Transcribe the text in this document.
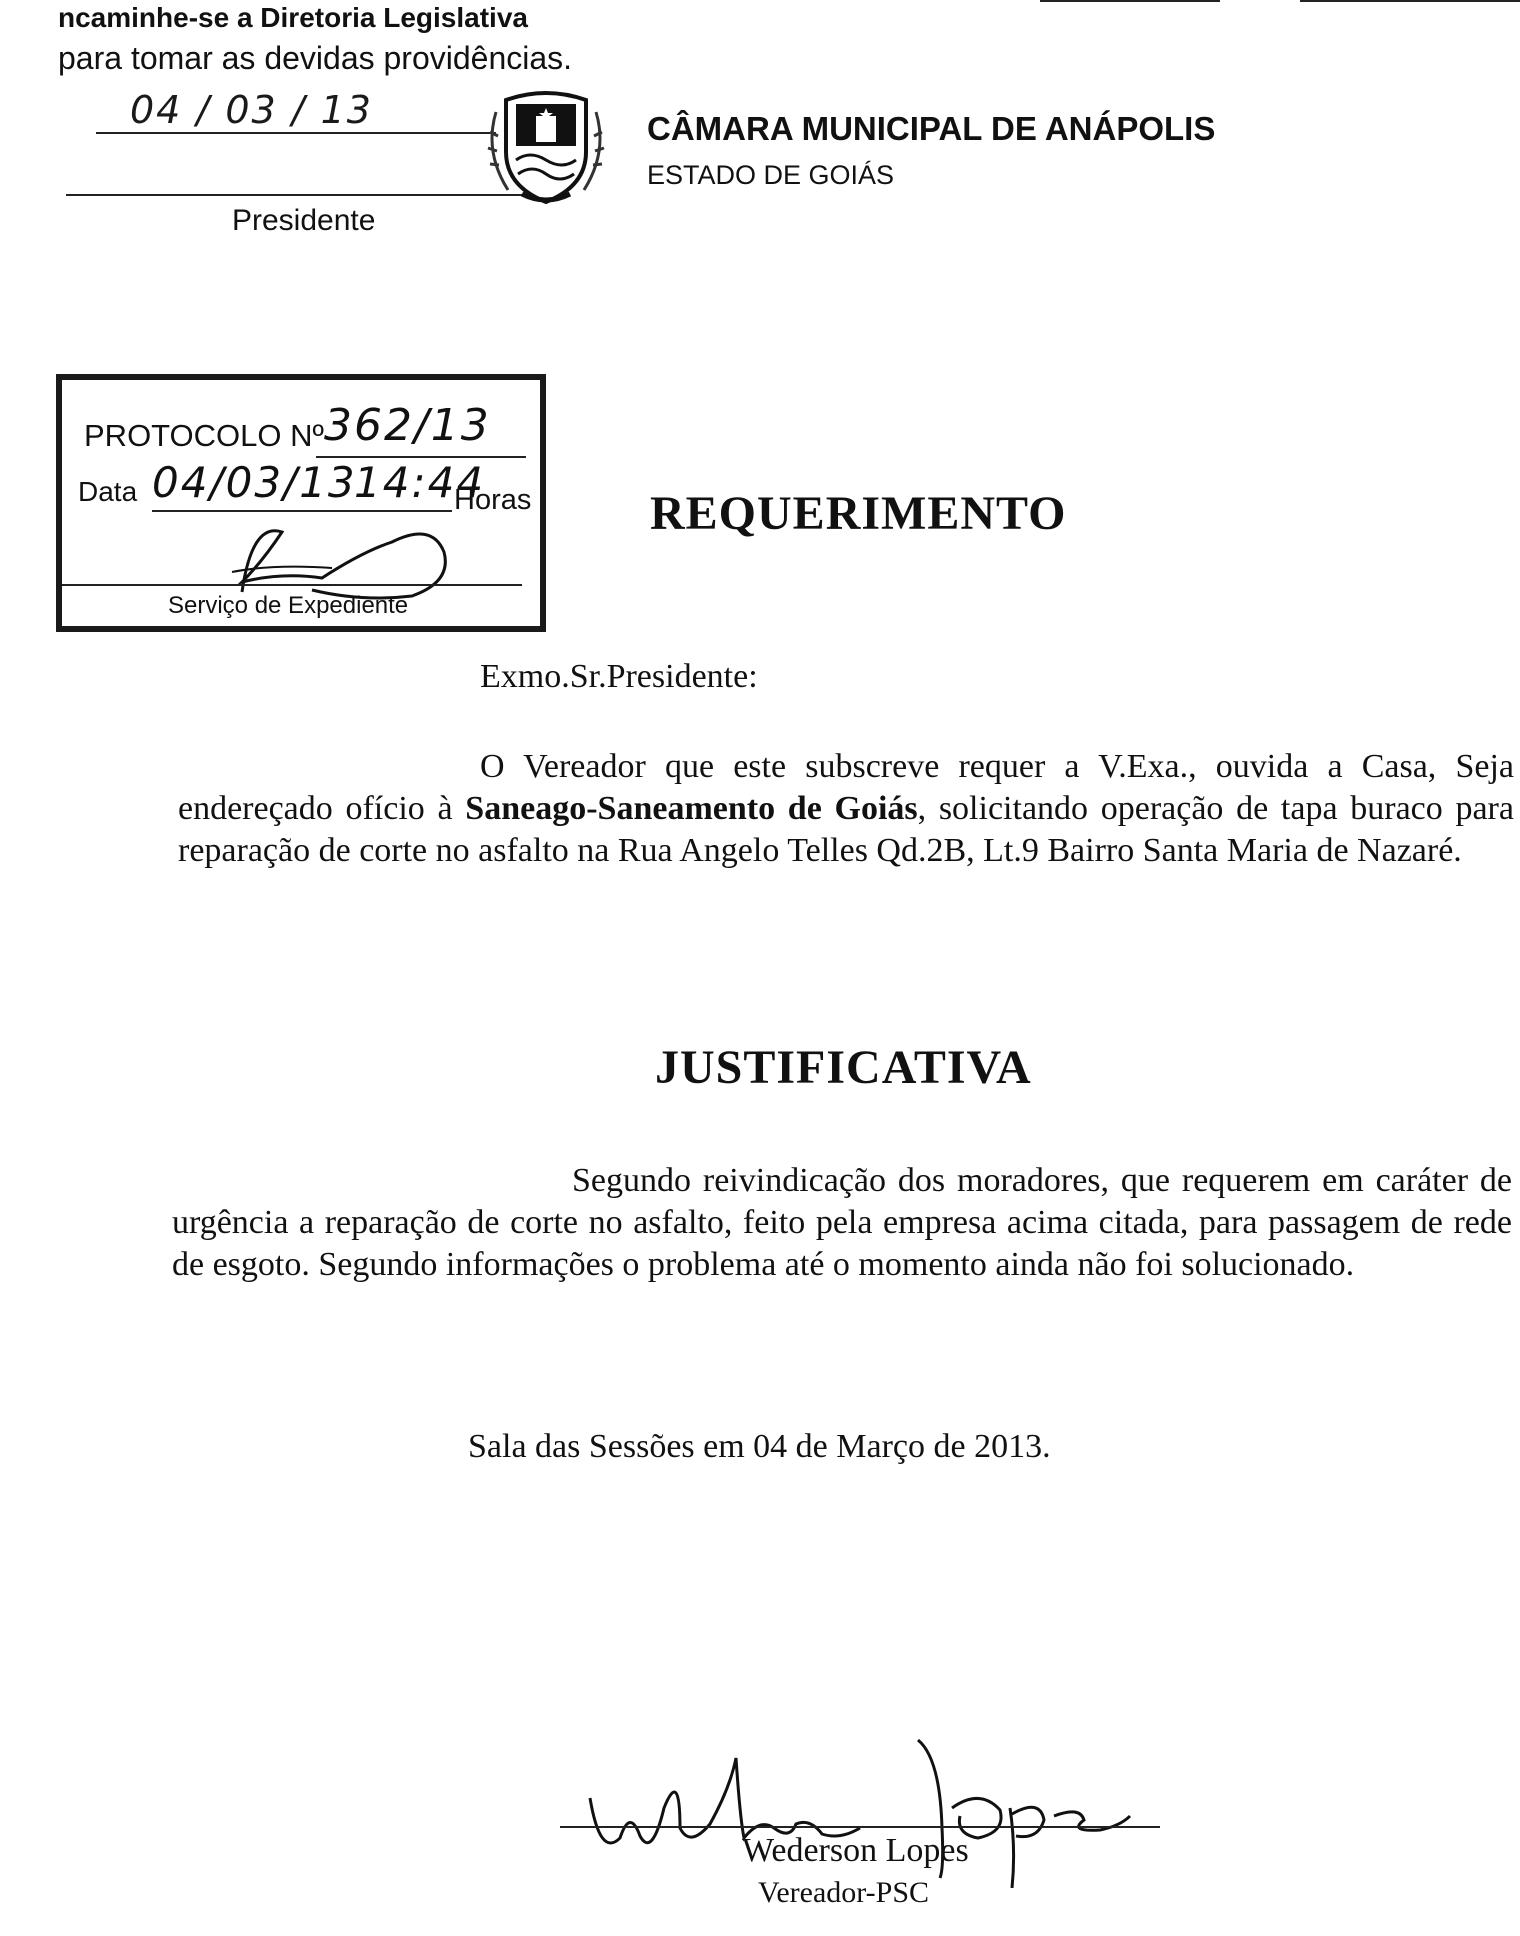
ncaminhe-se a Diretoria Legislativa
para tomar as devidas providências.
04 / 03 / 13
Presidente
CÂMARA MUNICIPAL DE ANÁPOLIS
ESTADO DE GOIÁS
PROTOCOLO Nº 362/13
Data 04/03/13
14:44
Horas
Serviço de Expediente
REQUERIMENTO
Exmo.Sr.Presidente:
O Vereador que este subscreve requer a V.Exa., ouvida a Casa, Seja endereçado ofício à Saneago-Saneamento de Goiás, solicitando operação de tapa buraco para reparação de corte no asfalto na Rua Angelo Telles Qd.2B, Lt.9 Bairro Santa Maria de Nazaré.
JUSTIFICATIVA
Segundo reivindicação dos moradores, que requerem em caráter de urgência a reparação de corte no asfalto, feito pela empresa acima citada, para passagem de rede de esgoto. Segundo informações o problema até o momento ainda não foi solucionado.
Sala das Sessões em 04 de Março de 2013.
Wederson Lopes
Vereador-PSC
